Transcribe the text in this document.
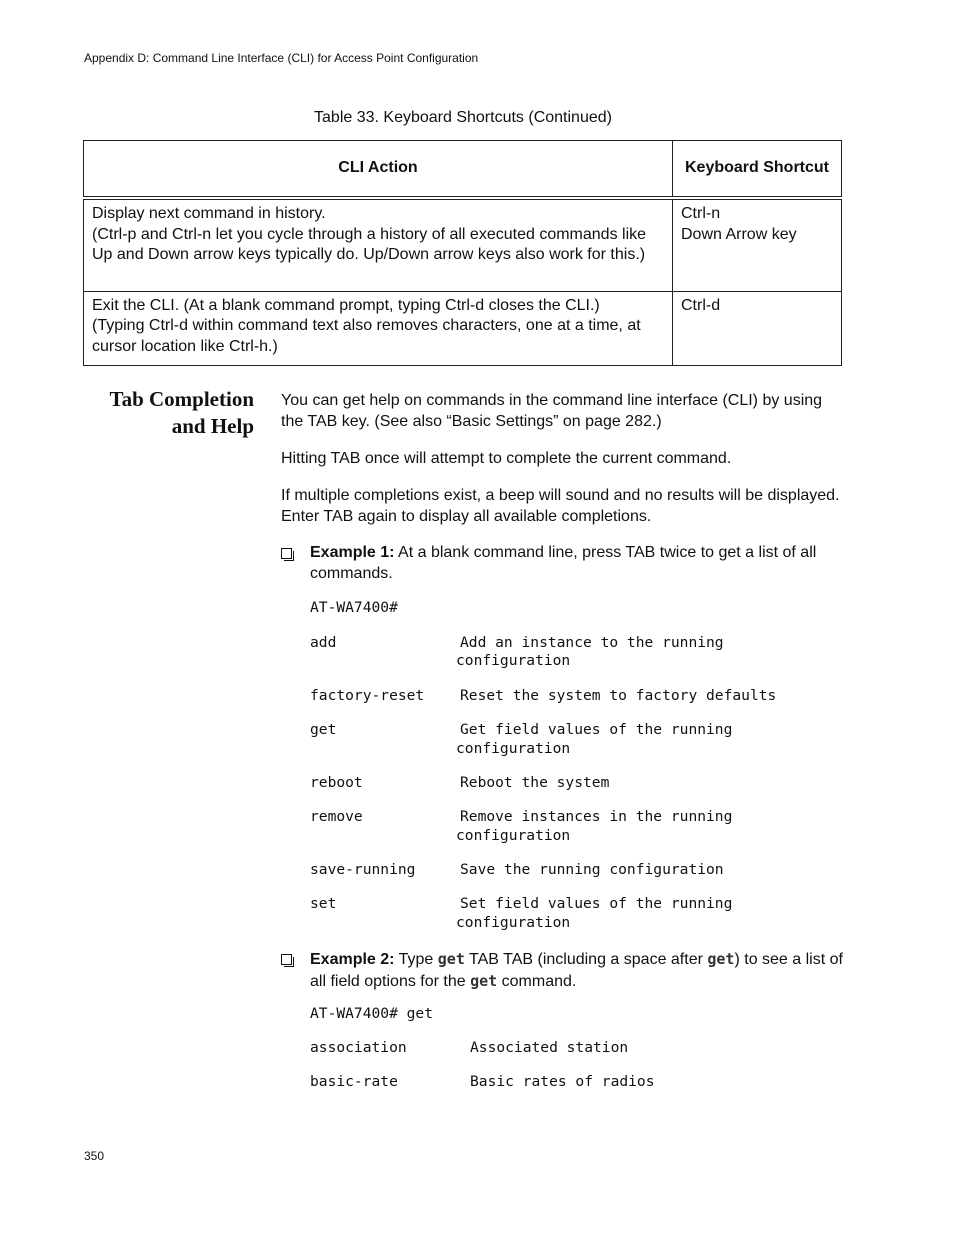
Appendix D: Command Line Interface (CLI) for Access Point Configuration
Table 33. Keyboard Shortcuts (Continued)
CLI Action	Keyboard Shortcut

Display next command in history.
(Ctrl-p and Ctrl-n let you cycle through a history of all executed commands like Up and Down arrow keys typically do. Up/Down arrow keys also work for this.)	Ctrl-n
Down Arrow key

Exit the CLI. (At a blank command prompt, typing Ctrl-d closes the CLI.)
(Typing Ctrl-d within command text also removes characters, one at a time, at cursor location like Ctrl-h.)	Ctrl-d
Tab Completion
and Help
You can get help on commands in the command line interface (CLI) by using the TAB key. (See also “Basic Settings” on page 282.)
Hitting TAB once will attempt to complete the current command.
If multiple completions exist, a beep will sound and no results will be displayed. Enter TAB again to display all available completions.
Example 1: At a blank command line, press TAB twice to get a list of all commands.
AT-WA7400#
add	Add an instance to the running
configuration
factory-reset Reset the system to factory defaults
get	Get field values of the running
configuration
reboot	Reboot the system
remove	Remove instances in the running
configuration
save-running	Save the running configuration
set	Set field values of the running
configuration
Example 2: Type get TAB TAB (including a space after get) to see a list of all field options for the get command.
AT-WA7400# get
association	Associated station
basic-rate	Basic rates of radios
350
